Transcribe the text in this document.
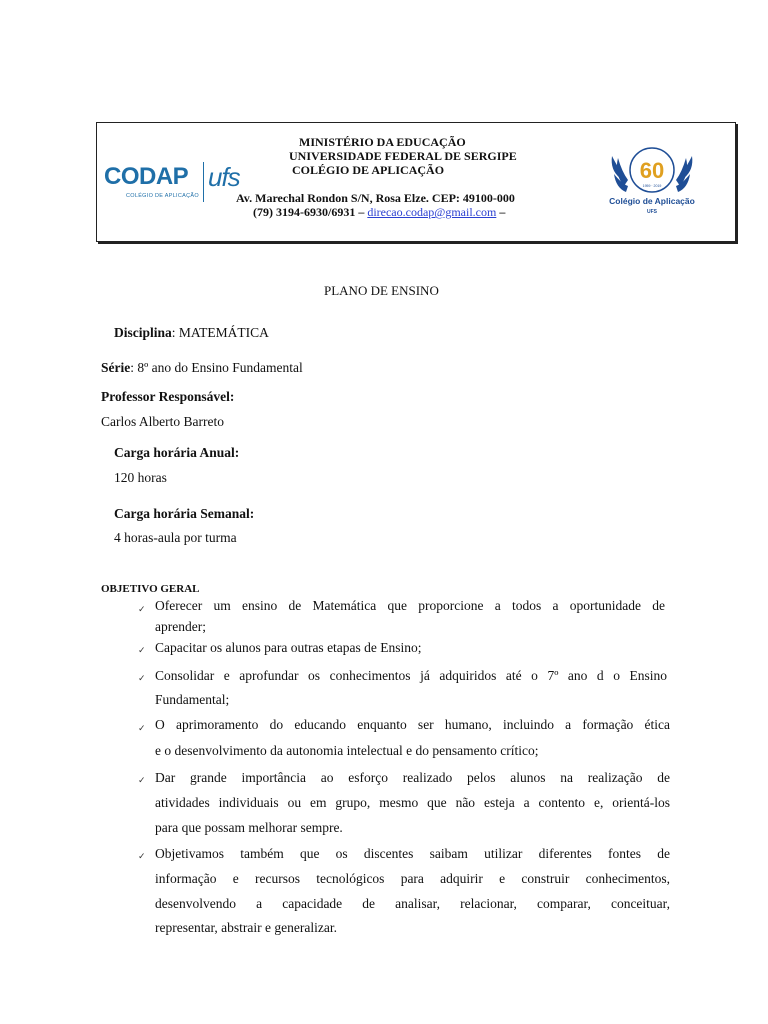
CODAP
COLÉGIO DE APLICAÇÃO
ufs
MINISTÉRIO DA EDUCAÇÃO
UNIVERSIDADE FEDERAL DE SERGIPE
COLÉGIO DE APLICAÇÃO
Av. Marechal Rondon S/N, Rosa Elze. CEP: 49100-000
(79) 3194-6930/6931 – direcao.codap@gmail.com –
60
1959 · 2019
Colégio de Aplicação
UFS
PLANO DE ENSINO
Disciplina: MATEMÁTICA
Série: 8º ano do Ensino Fundamental
Professor Responsável:
Carlos Alberto Barreto
Carga horária Anual:
120 horas
Carga horária Semanal:
4 horas-aula por turma
OBJETIVO GERAL
✓
✓
✓
✓
✓
✓
Oferecer um ensino de Matemática que proporcione a todos a oportunidade de
aprender;
Capacitar os alunos para outras etapas de Ensino;
Consolidar e aprofundar os conhecimentos já adquiridos até o 7º ano d o Ensino
Fundamental;
O aprimoramento do educando enquanto ser humano, incluindo a formação ética
e o desenvolvimento da autonomia intelectual e do pensamento crítico;
Dar grande importância ao esforço realizado pelos alunos na realização de
atividades individuais ou em grupo, mesmo que não esteja a contento e, orientá-los
para que possam melhorar sempre.
Objetivamos também que os discentes saibam utilizar diferentes fontes de
informação e recursos tecnológicos para adquirir e construir conhecimentos,
desenvolvendo a capacidade de analisar, relacionar, comparar, conceituar,
representar, abstrair e generalizar.
